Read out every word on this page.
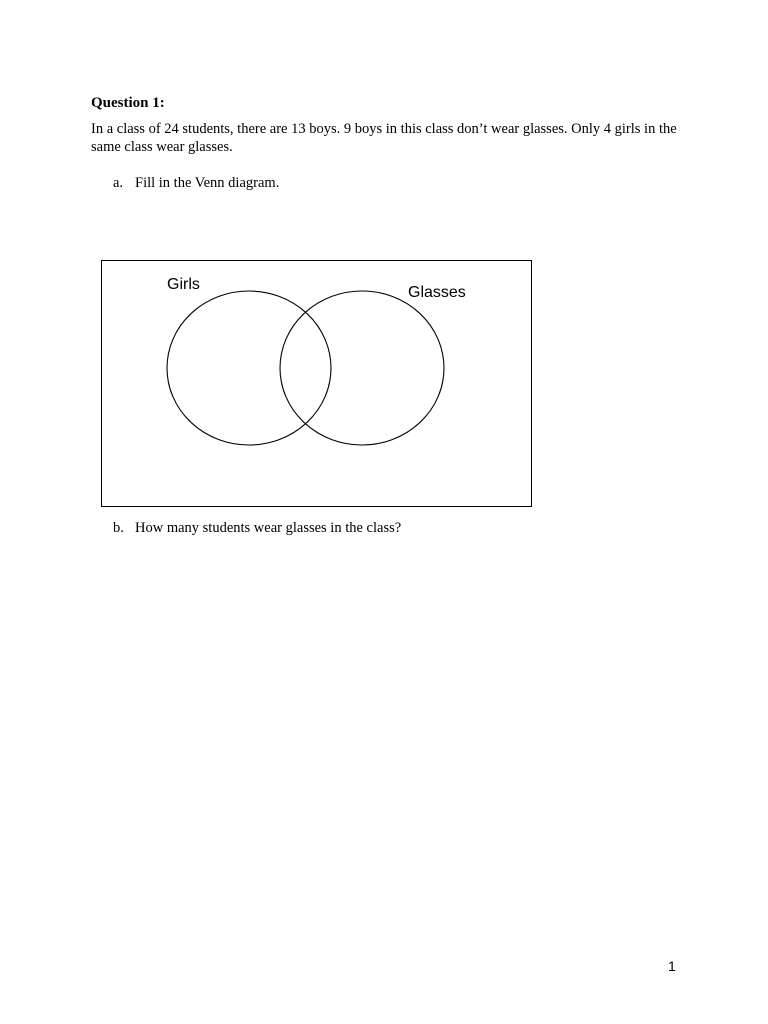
Question 1:

In a class of 24 students, there are 13 boys. 9 boys in this class don’t wear glasses. Only 4 girls in the same class wear glasses.

a. Fill in the Venn diagram.

Girls	Glasses

b. How many students wear glasses in the class?

1
